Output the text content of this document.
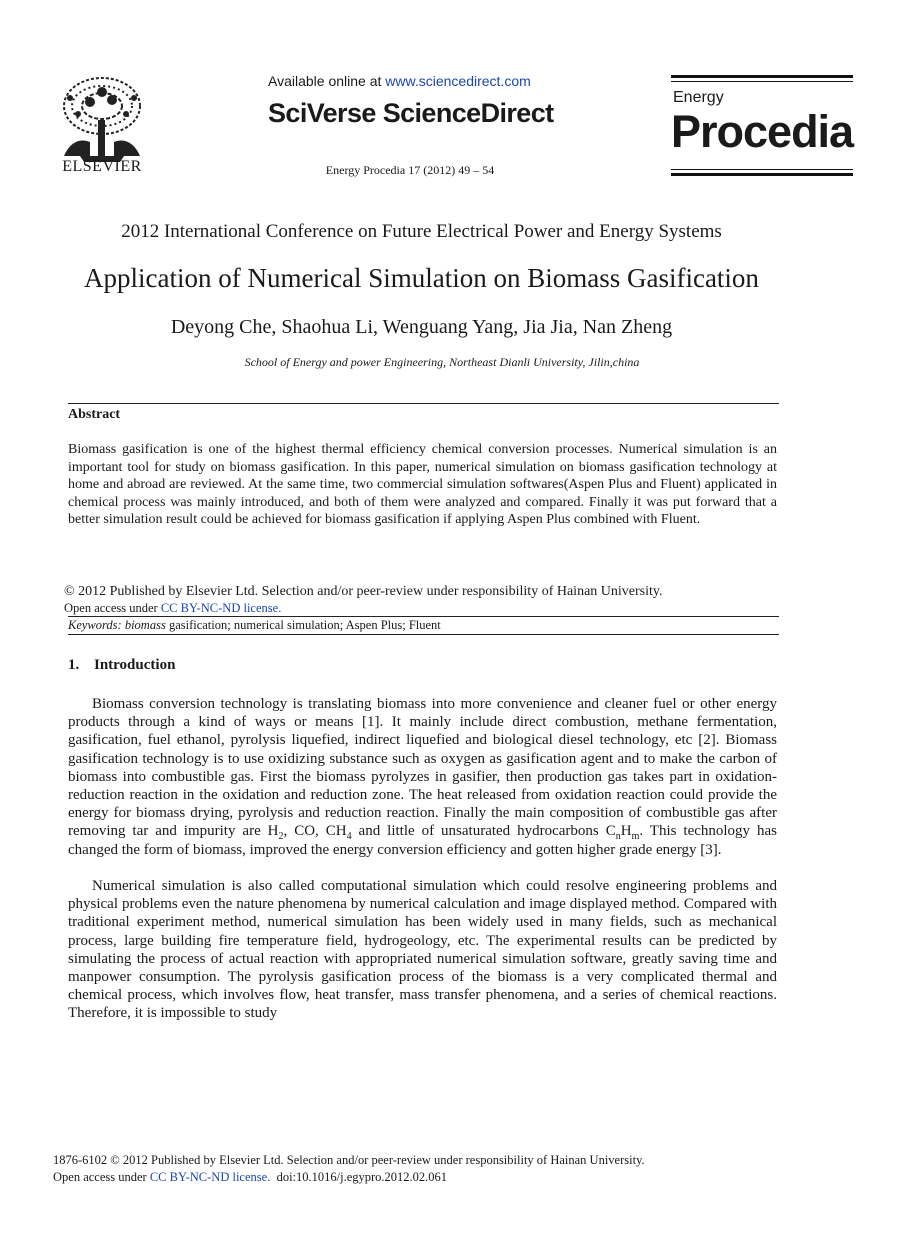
ELSEVIER
Available online at www.sciencedirect.com
SciVerse ScienceDirect
Energy Procedia 17 (2012) 49 – 54
Energy
Procedia
2012 International Conference on Future Electrical Power and Energy Systems
Application of Numerical Simulation on Biomass Gasification
Deyong Che, Shaohua Li, Wenguang Yang, Jia Jia, Nan Zheng
School of Energy and power Engineering, Northeast Dianli University, Jilin,china
Abstract
Biomass gasification is one of the highest thermal efficiency chemical conversion processes. Numerical simulation is an important tool for study on biomass gasification. In this paper, numerical simulation on biomass gasification technology at home and abroad are reviewed. At the same time, two commercial simulation softwares(Aspen Plus and Fluent) applicated in chemical process was mainly introduced, and both of them were analyzed and compared. Finally it was put forward that a better simulation result could be achieved for biomass gasification if applying Aspen Plus combined with Fluent.
© 2012 Published by Elsevier Ltd. Selection and/or peer-review under responsibility of Hainan University.
Open access under CC BY-NC-ND license.
Keywords: biomass gasification; numerical simulation; Aspen Plus; Fluent
1. Introduction
Biomass conversion technology is translating biomass into more convenience and cleaner fuel or other energy products through a kind of ways or means [1]. It mainly include direct combustion, methane fermentation, gasification, fuel ethanol, pyrolysis liquefied, indirect liquefied and biological diesel technology, etc [2]. Biomass gasification technology is to use oxidizing substance such as oxygen as gasification agent and to make the carbon of biomass into combustible gas. First the biomass pyrolyzes in gasifier, then production gas takes part in oxidation-reduction reaction in the oxidation and reduction zone. The heat released from oxidation reaction could provide the energy for biomass drying, pyrolysis and reduction reaction. Finally the main composition of combustible gas after removing tar and impurity are $H_2$, CO, $CH_4$ and little of unsaturated hydrocarbons $C_nH_m$. This technology has changed the form of biomass, improved the energy conversion efficiency and gotten higher grade energy [3].
Numerical simulation is also called computational simulation which could resolve engineering problems and physical problems even the nature phenomena by numerical calculation and image displayed method. Compared with traditional experiment method, numerical simulation has been widely used in many fields, such as mechanical process, large building fire temperature field, hydrogeology, etc. The experimental results can be predicted by simulating the process of actual reaction with appropriated numerical simulation software, greatly saving time and manpower consumption. The pyrolysis gasification process of the biomass is a very complicated thermal and chemical process, which involves flow, heat transfer, mass transfer phenomena, and a series of chemical reactions. Therefore, it is impossible to study
1876-6102 © 2012 Published by Elsevier Ltd. Selection and/or peer-review under responsibility of Hainan University.
Open access under CC BY-NC-ND license.  doi:10.1016/j.egypro.2012.02.061
